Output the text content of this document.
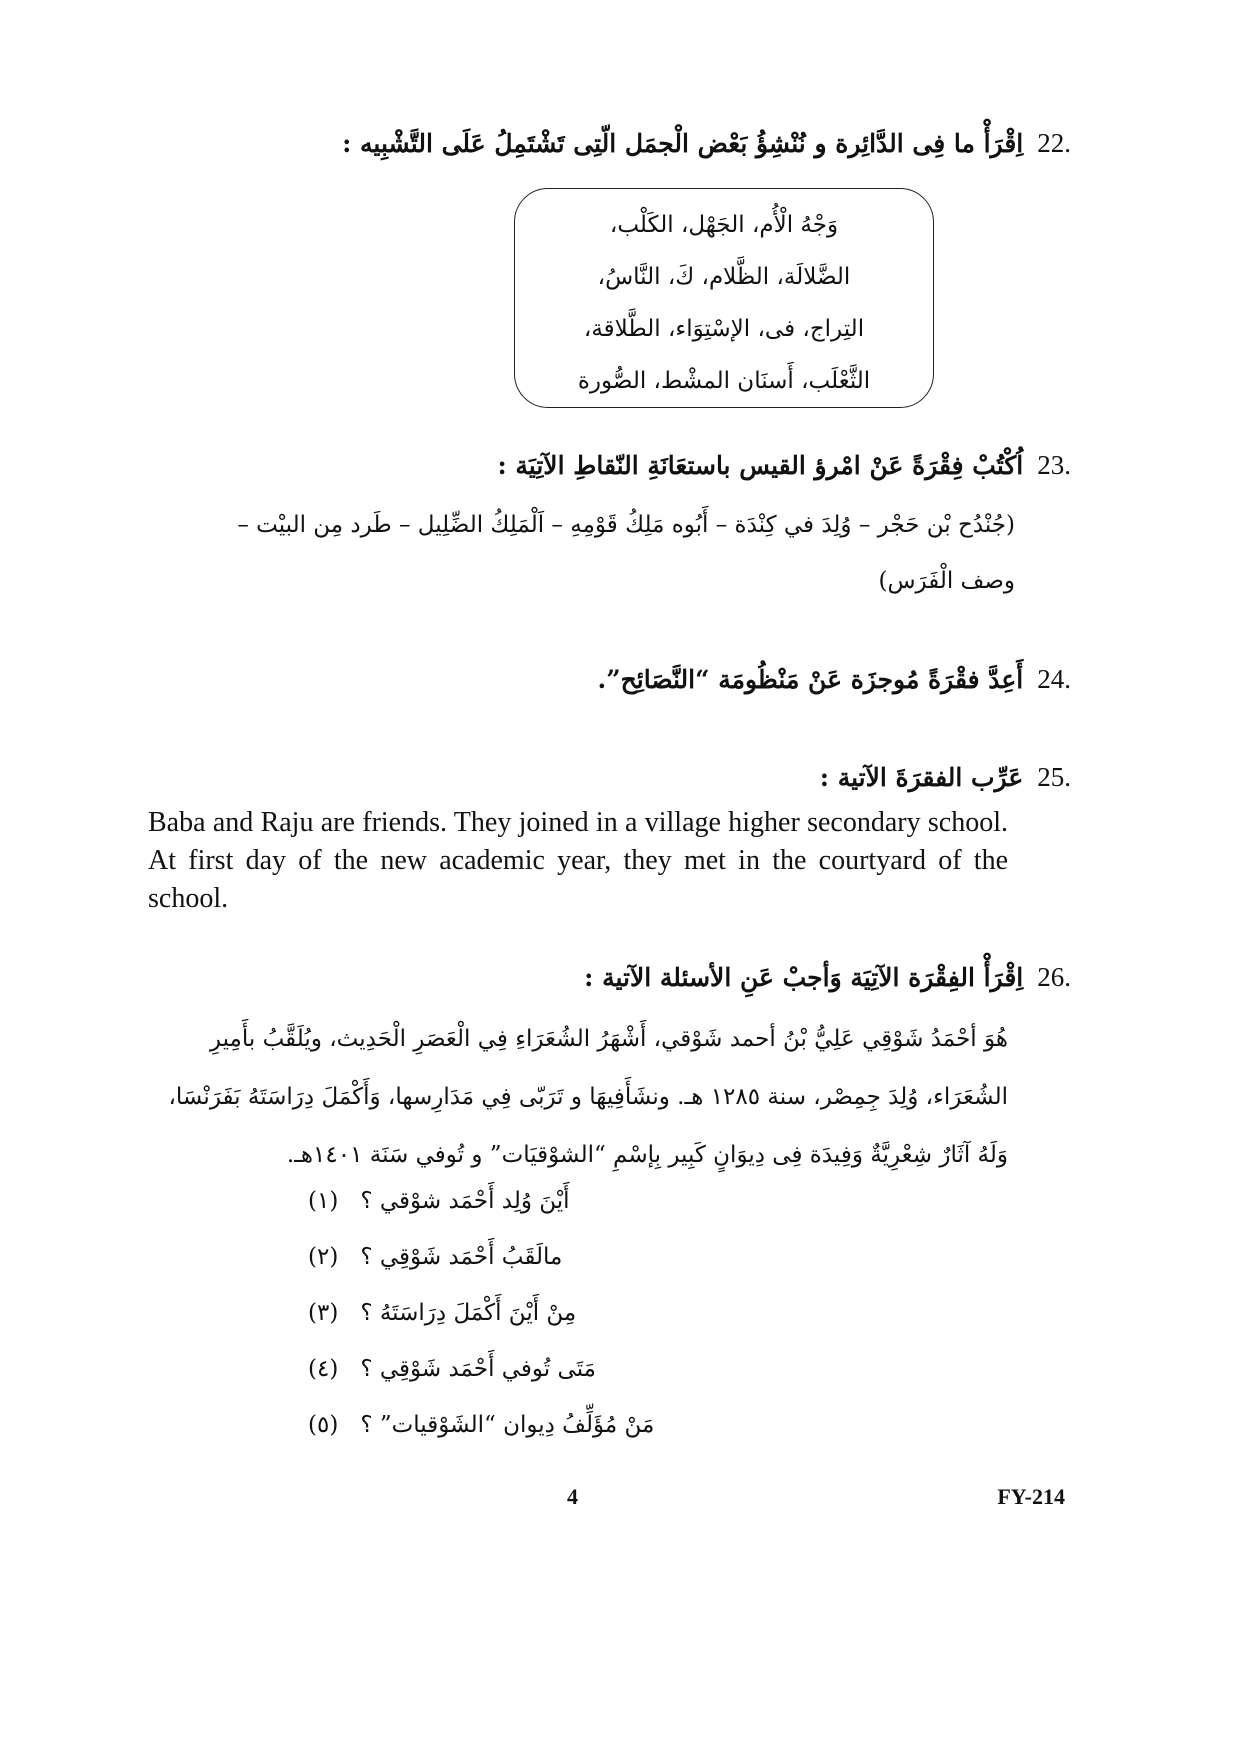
اِقْرَأْ ما فِى الدَّائِرة و نُنْشِؤُ بَعْض الْجمَل الّتِى تَشْتَمِلُ عَلَى التَّشْبِيه : 22.
وَجْهُ الْأُم، الجَهْل، الكَلْب،
الضَّلالَة، الظَّلام، كَ، النَّاسُ،
التِراج، فى، الإسْتِوَاء، الطَّلاقة،
الثَّعْلَب، أَسنَان المشْط، الصُّورة
اُكْتُبْ فِقْرَةً عَنْ امْرؤ القيس باستعَانَةِ النّقاطِ الآتِيَة : 23.
(جُنْدُح بْن حَجْر – وُلِدَ في كِنْدَة – أَبُوه مَلِكُ قَوْمِهِ – اَلْمَلِكُ الضِّلِيل – طَرد مِن البيْت –
وصف الْفَرَس)
أَعِدَّ فقْرَةً مُوجزَة عَنْ مَنْظُومَة “النَّصَائِح”. 24.
عَرِّب الفقرَةَ الآتية : 25.
Baba and Raju are friends. They joined in a village higher secondary school. At first day of the new academic year, they met in the courtyard of the school.
اِقْرَأْ الفِقْرَة الآتِيَة وَأجبْ عَنِ الأسئلة الآتية : 26.
هُوَ أحْمَدُ شَوْقِي عَلِيُّ بْنُ أحمد شَوْقي، أَشْهَرُ الشُعَرَاءِ فِي الْعَصَرِ الْحَدِيث، ويُلَقَّبُ بأَمِيرِ
الشُعَرَاء، وُلِدَ جِمِصْر، سنة ١٢٨٥ هـ. ونشَأَفِيهَا و تَرَبّى فِي مَدَارِسها، وَأَكْمَلَ دِرَاسَتَهُ بَفَرَنْسَا،
وَلَهُ آثَارٌ شِعْرِيَّةٌ وَفِيدَة فِى دِيوَانٍ كَبِير بِإسْمِ “الشوْقيَات” و تُوفي سَنَة ١٤٠١هـ.
أَيْنَ وُلِد أَحْمَد شوْقي ؟
(١)
مالَقَبُ أَحْمَد شَوْقِي ؟
(٢)
مِنْ أَيْنَ أَكْمَلَ دِرَاسَتَهُ ؟
(٣)
مَتَى تُوفي أَحْمَد شَوْقِي ؟
(٤)
مَنْ مُؤَلِّفُ دِيوان “الشَوْقيات” ؟
(٥)
4	FY-214
